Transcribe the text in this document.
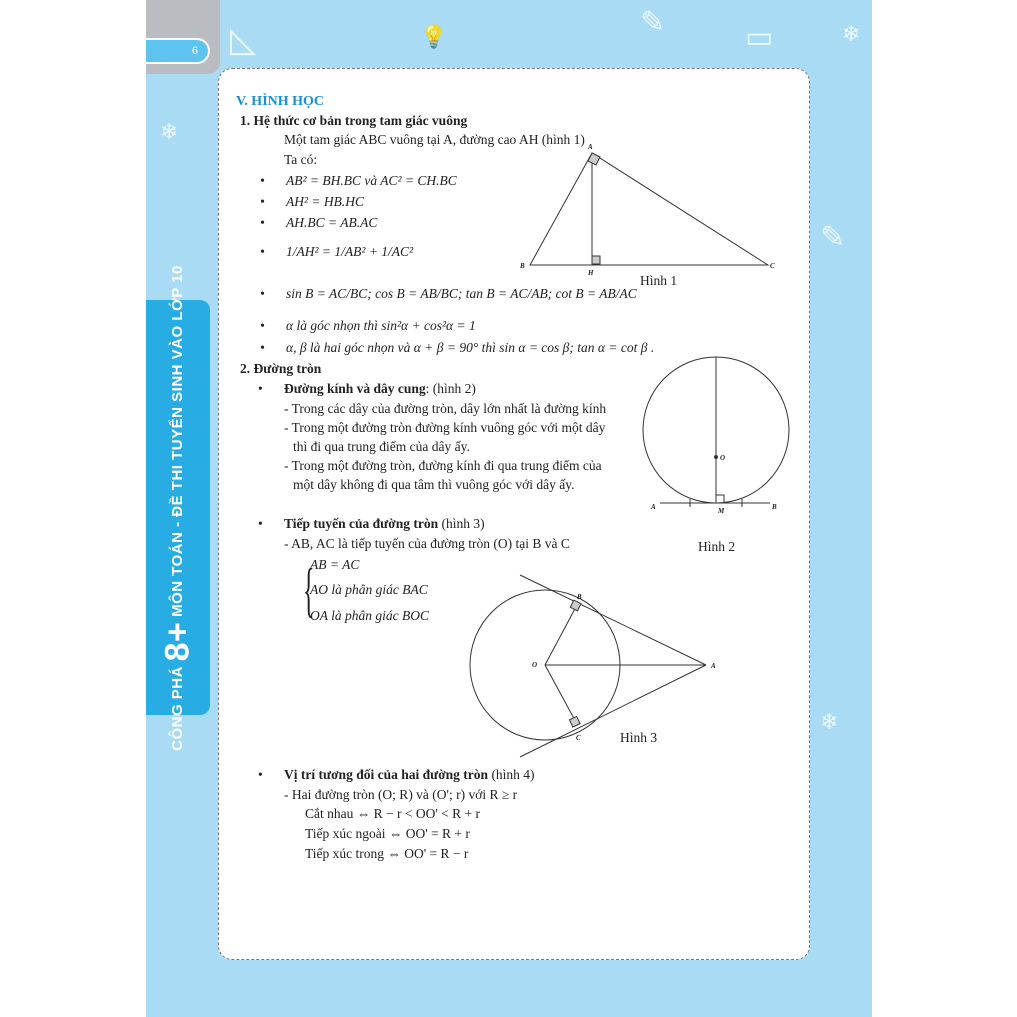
◺	💡	✎	▭	❄
❄
✎
❄
6
CÔNG PHÁ 8+ MÔN TOÁN - ĐỀ THI TUYỂN SINH VÀO LỚP 10
V. HÌNH HỌC
1. Hệ thức cơ bản trong tam giác vuông
Một tam giác ABC vuông tại A, đường cao AH (hình 1)
Ta có:
• AB² = BH.BC và AC² = CH.BC
• AH² = HB.HC
• AH.BC = AB.AC
• 1/AH² = 1/AB² + 1/AC²
• sin B = AC/BC; cos B = AB/BC; tan B = AC/AB; cot B = AB/AC
• α là góc nhọn thì sin²α + cos²α = 1
• α, β là hai góc nhọn và α + β = 90° thì sin α = cos β; tan α = cot β .
Hình 1
2. Đường tròn
• Đường kính và dây cung: (hình 2)
- Trong các dây của đường tròn, dây lớn nhất là đường kính
- Trong một đường tròn đường kính vuông góc với một dây
thì đi qua trung điểm của dây ấy.
- Trong một đường tròn, đường kính đi qua trung điểm của
một dây không đi qua tâm thì vuông góc với dây ấy.
Hình 2
• Tiếp tuyến của đường tròn (hình 3)
- AB, AC là tiếp tuyến của đường tròn (O) tại B và C
AB = AC
AO là phân giác BAC
OA là phân giác BOC
{
Hình 3
• Vị trí tương đối của hai đường tròn (hình 4)
- Hai đường tròn (O; R) và (O'; r) với R ≥ r
Cắt nhau ⇔ R − r < OO' < R + r
Tiếp xúc ngoài ⇔ OO' = R + r
Tiếp xúc trong ⇔ OO' = R − r
A
B
H
C
O
A	M	B
O
B
C
A
